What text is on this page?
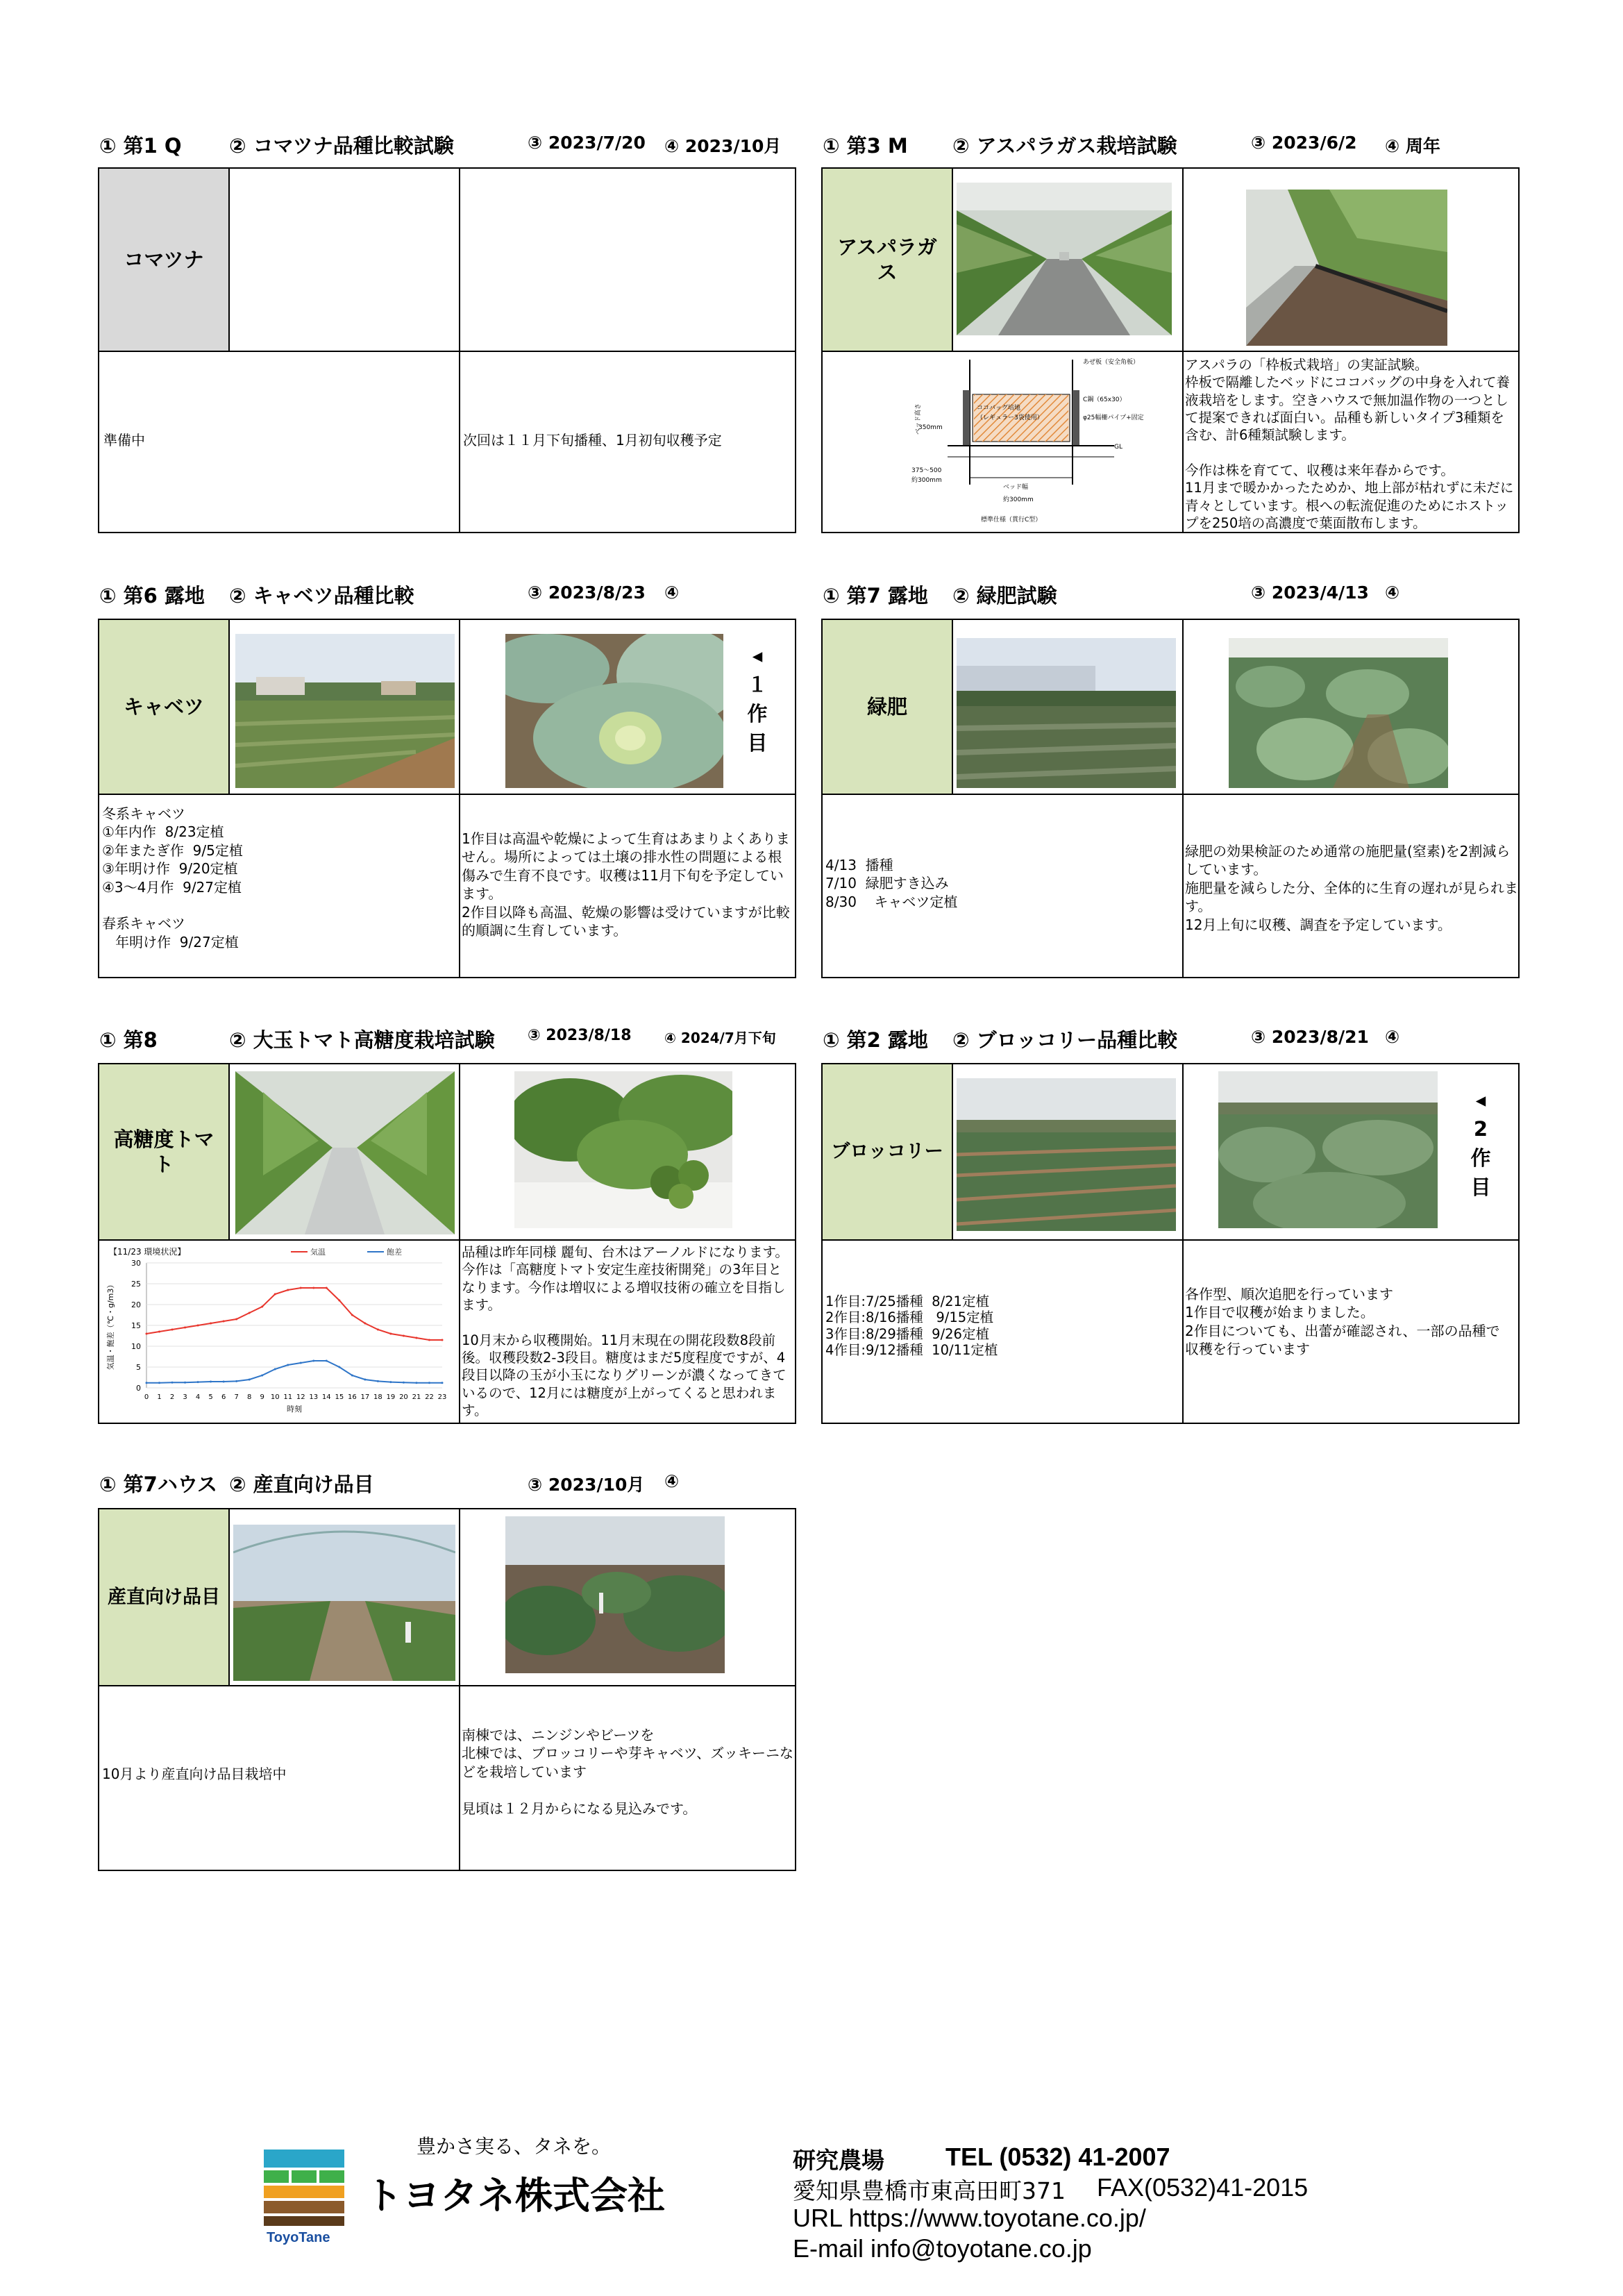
① 第1 Q ② コマツナ品種比較試験	③ 2023/7/20 ④ 2023/10月
コマツナ
準備中	次回は１１月下旬播種、1月初旬収穫予定
① 第3 M ② アスパラガス栽培試験	③ 2023/6/2 ④ 周年
アスパラガス
ココバッグ培地
（レギュラー3袋使用）
あぜ板（安全角板）
C鋼（65x30）
φ25幅柵パイプ+固定
GL
ベッド幅
約300mm
標準仕様（貫行C型）
ベッド高さ
350mm
375～500
約300mm
アスパラの「枠板式栽培」の実証試験。
枠板で隔離したベッドにココバッグの中身を入れて養液栽培をします。空きハウスで無加温作物の一つとして提案できれば面白い。品種も新しいタイプ3種類を含む、計6種類試験します。

今作は株を育てて、収穫は来年春からです。
11月まで暖かかったためか、地上部が枯れずに未だに青々としています。根への転流促進のためにホストップを250培の高濃度で葉面散布します。
① 第6 露地 ② キャベツ品種比較	③ 2023/8/23 ④
キャベツ
◂
１
作
目
冬系キャベツ
①年内作  8/23定植
②年またぎ作  9/5定植
③年明け作  9/20定植
④3～4月作  9/27定植

春系キャベツ
年明け作  9/27定植
1作目は高温や乾燥によって生育はあまりよくありません。場所によっては土壌の排水性の問題による根傷みで生育不良です。収穫は11月下旬を予定しています。
2作目以降も高温、乾燥の影響は受けていますが比較的順調に生育しています。
① 第7 露地 ② 緑肥試験	③ 2023/4/13 ④
緑肥
4/13  播種
7/10  緑肥すき込み
8/30    キャベツ定植
緑肥の効果検証のため通常の施肥量(窒素)を2割減らしています。
施肥量を減らした分、全体的に生育の遅れが見られます。
12月上旬に収穫、調査を予定しています。
① 第8	② 大玉トマト高糖度栽培試験 ③ 2023/8/18 ④ 2024/7月下旬
高糖度トマト
【11/23 環境状況】	気温	飽差
0
5
10
15
20
25
30
0 1 2 3 4 5 6 7 8 9 10 11 12 13 14 15 16 17 18 19 20 21 22 23
時刻
気温・飽差（℃・g/m3）
品種は昨年同様 麗旬、台木はアーノルドになります。今作は「高糖度トマト安定生産技術開発」の3年目となります。今作は増収による増収技術の確立を目指します。

10月末から収穫開始。11月末現在の開花段数8段前後。収穫段数2-3段目。糖度はまだ5度程度ですが、4段目以降の玉が小玉になりグリーンが濃くなってきているので、12月には糖度が上がってくると思われます。
① 第2 露地 ② ブロッコリー品種比較	③ 2023/8/21 ④
ブロッコリー
◂
2
作
目
1作目:7/25播種  8/21定植
2作目:8/16播種   9/15定植
3作目:8/29播種  9/26定植
4作目:9/12播種  10/11定植
各作型、順次追肥を行っています
1作目で収穫が始まりました。
2作目についても、出蕾が確認され、一部の品種で
収穫を行っています
① 第7ハウス ② 産直向け品目	③ 2023/10月 ④
産直向け品目
10月より産直向け品目栽培中
南棟では、ニンジンやビーツを
北棟では、ブロッコリーや芽キャベツ、ズッキーニなどを栽培しています

見頃は１２月からになる見込みです。
ToyoTane
豊かさ実る、タネを。
トヨタネ株式会社
研究農場 TEL (0532) 41-2007
愛知県豊橋市東高田町371 FAX(0532)41-2015
URL https://www.toyotane.co.jp/
E-mail info@toyotane.co.jp
